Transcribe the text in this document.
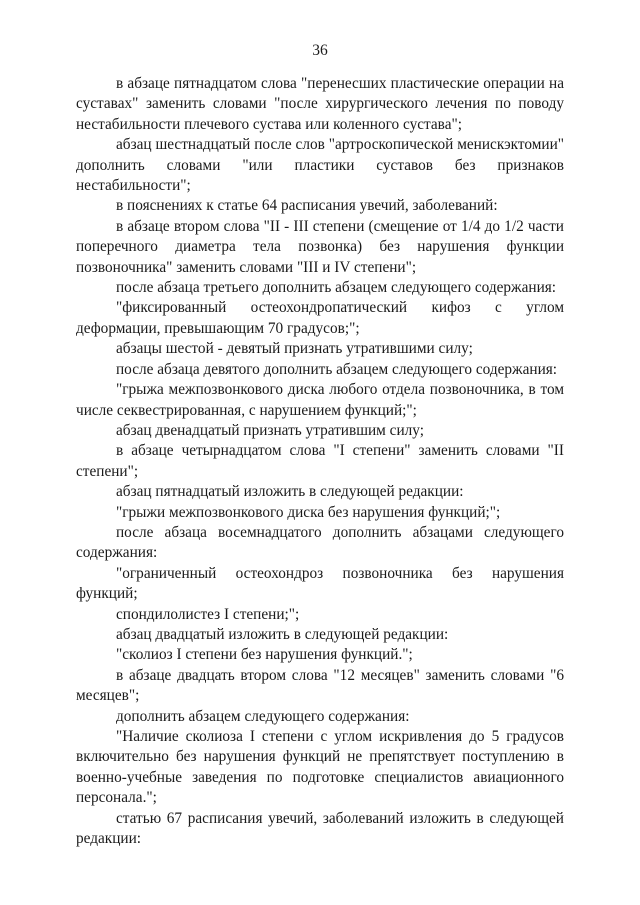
36

в абзаце пятнадцатом слова "перенесших пластические операции на суставах" заменить словами "после хирургического лечения по поводу нестабильности плечевого сустава или коленного сустава";

абзац шестнадцатый после слов "артроскопической менискэктомии" дополнить словами "или пластики суставов без признаков нестабильности";

в пояснениях к статье 64 расписания увечий, заболеваний:

в абзаце втором слова "II - III степени (смещение от 1/4 до 1/2 части поперечного диаметра тела позвонка) без нарушения функции позвоночника" заменить словами "III и IV степени";

после абзаца третьего дополнить абзацем следующего содержания:

"фиксированный остеохондропатический кифоз с углом деформации, превышающим 70 градусов;";

абзацы шестой - девятый признать утратившими силу;

после абзаца девятого дополнить абзацем следующего содержания:

"грыжа межпозвонкового диска любого отдела позвоночника, в том числе секвестрированная, с нарушением функций;";

абзац двенадцатый признать утратившим силу;

в абзаце четырнадцатом слова "I степени" заменить словами "II степени";

абзац пятнадцатый изложить в следующей редакции:

"грыжи межпозвонкового диска без нарушения функций;";

после абзаца восемнадцатого дополнить абзацами следующего содержания:

"ограниченный остеохондроз позвоночника без нарушения функций;

спондилолистез I степени;";

абзац двадцатый изложить в следующей редакции:

"сколиоз I степени без нарушения функций.";

в абзаце двадцать втором слова "12 месяцев" заменить словами "6 месяцев";

дополнить абзацем следующего содержания:

"Наличие сколиоза I степени с углом искривления до 5 градусов включительно без нарушения функций не препятствует поступлению в военно-учебные заведения по подготовке специалистов авиационного персонала.";

статью 67 расписания увечий, заболеваний изложить в следующей редакции:
